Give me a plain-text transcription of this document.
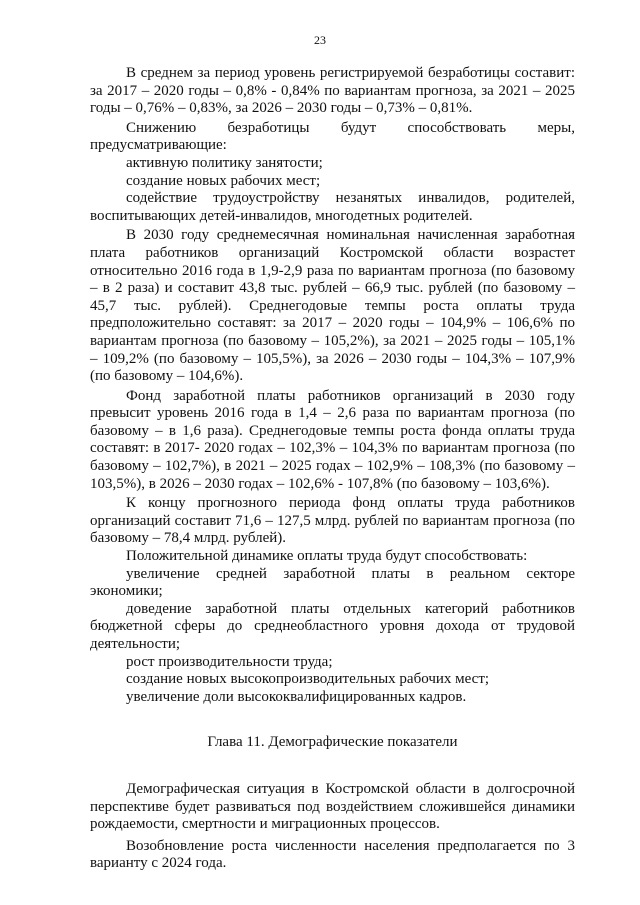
23

В среднем за период уровень регистрируемой безработицы составит: за 2017 – 2020 годы – 0,8% - 0,84% по вариантам прогноза, за 2021 – 2025 годы – 0,76% – 0,83%, за 2026 – 2030 годы – 0,73% – 0,81%.

Снижению безработицы будут способствовать меры, предусматривающие:

активную политику занятости;

создание новых рабочих мест;

содействие трудоустройству незанятых инвалидов, родителей, воспитывающих детей-инвалидов, многодетных родителей.

В 2030 году среднемесячная номинальная начисленная заработная плата работников организаций Костромской области возрастет относительно 2016 года в 1,9-2,9 раза по вариантам прогноза (по базовому – в 2 раза) и составит 43,8 тыс. рублей – 66,9 тыс. рублей (по базовому – 45,7 тыс. рублей). Среднегодовые темпы роста оплаты труда предположительно составят: за 2017 – 2020 годы – 104,9% – 106,6% по вариантам прогноза (по базовому – 105,2%), за 2021 – 2025 годы – 105,1% – 109,2% (по базовому – 105,5%), за 2026 – 2030 годы – 104,3% – 107,9% (по базовому – 104,6%).

Фонд заработной платы работников организаций в 2030 году превысит уровень 2016 года в 1,4 – 2,6 раза по вариантам прогноза (по базовому – в 1,6 раза). Среднегодовые темпы роста фонда оплаты труда составят: в 2017- 2020 годах – 102,3% – 104,3% по вариантам прогноза (по базовому – 102,7%), в 2021 – 2025 годах – 102,9% – 108,3% (по базовому – 103,5%), в 2026 – 2030 годах – 102,6% - 107,8% (по базовому – 103,6%).

К концу прогнозного периода фонд оплаты труда работников организаций составит 71,6 – 127,5 млрд. рублей по вариантам прогноза (по базовому – 78,4 млрд. рублей).

Положительной динамике оплаты труда будут способствовать:

увеличение средней заработной платы в реальном секторе экономики;

доведение заработной платы отдельных категорий работников бюджетной сферы до среднеобластного уровня дохода от трудовой деятельности;

рост производительности труда;

создание новых высокопроизводительных рабочих мест;

увеличение доли высококвалифицированных кадров.

Глава 11. Демографические показатели

Демографическая ситуация в Костромской области в долгосрочной перспективе будет развиваться под воздействием сложившейся динамики рождаемости, смертности и миграционных процессов.

Возобновление роста численности населения предполагается по 3 варианту с 2024 года.
